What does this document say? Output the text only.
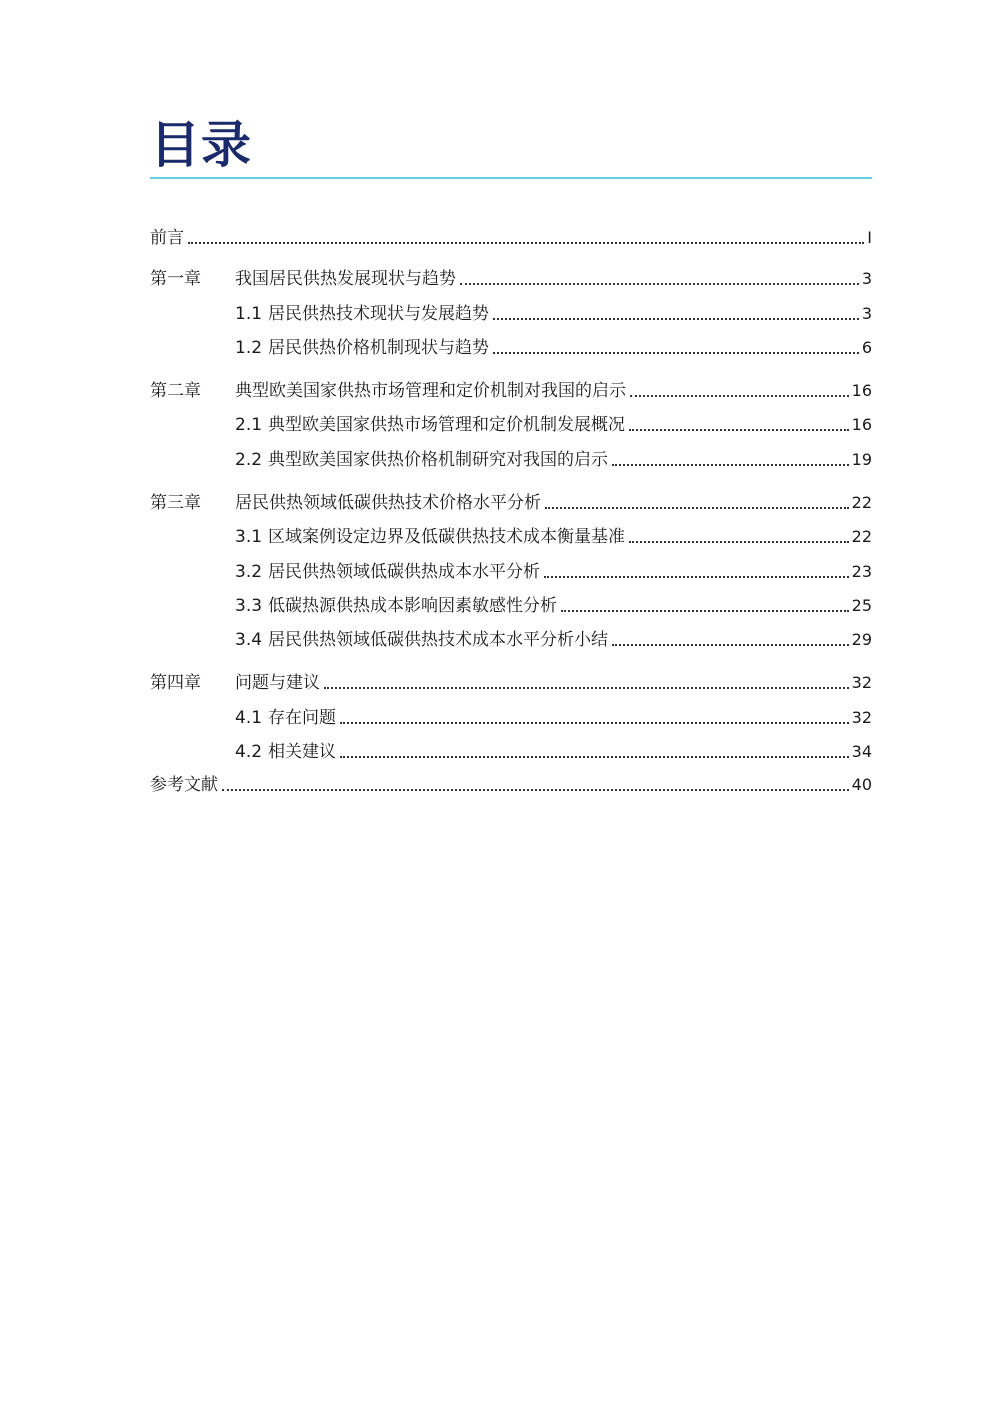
目录
前言	I
第一章 我国居民供热发展现状与趋势	3
1.1 居民供热技术现状与发展趋势	3
1.2 居民供热价格机制现状与趋势	6
第二章 典型欧美国家供热市场管理和定价机制对我国的启示	16
2.1 典型欧美国家供热市场管理和定价机制发展概况	16
2.2 典型欧美国家供热价格机制研究对我国的启示	19
第三章 居民供热领域低碳供热技术价格水平分析	22
3.1 区域案例设定边界及低碳供热技术成本衡量基准	22
3.2 居民供热领域低碳供热成本水平分析	23
3.3 低碳热源供热成本影响因素敏感性分析	25
3.4 居民供热领域低碳供热技术成本水平分析小结	29
第四章 问题与建议	32
4.1 存在问题	32
4.2 相关建议	34
参考文献	40
